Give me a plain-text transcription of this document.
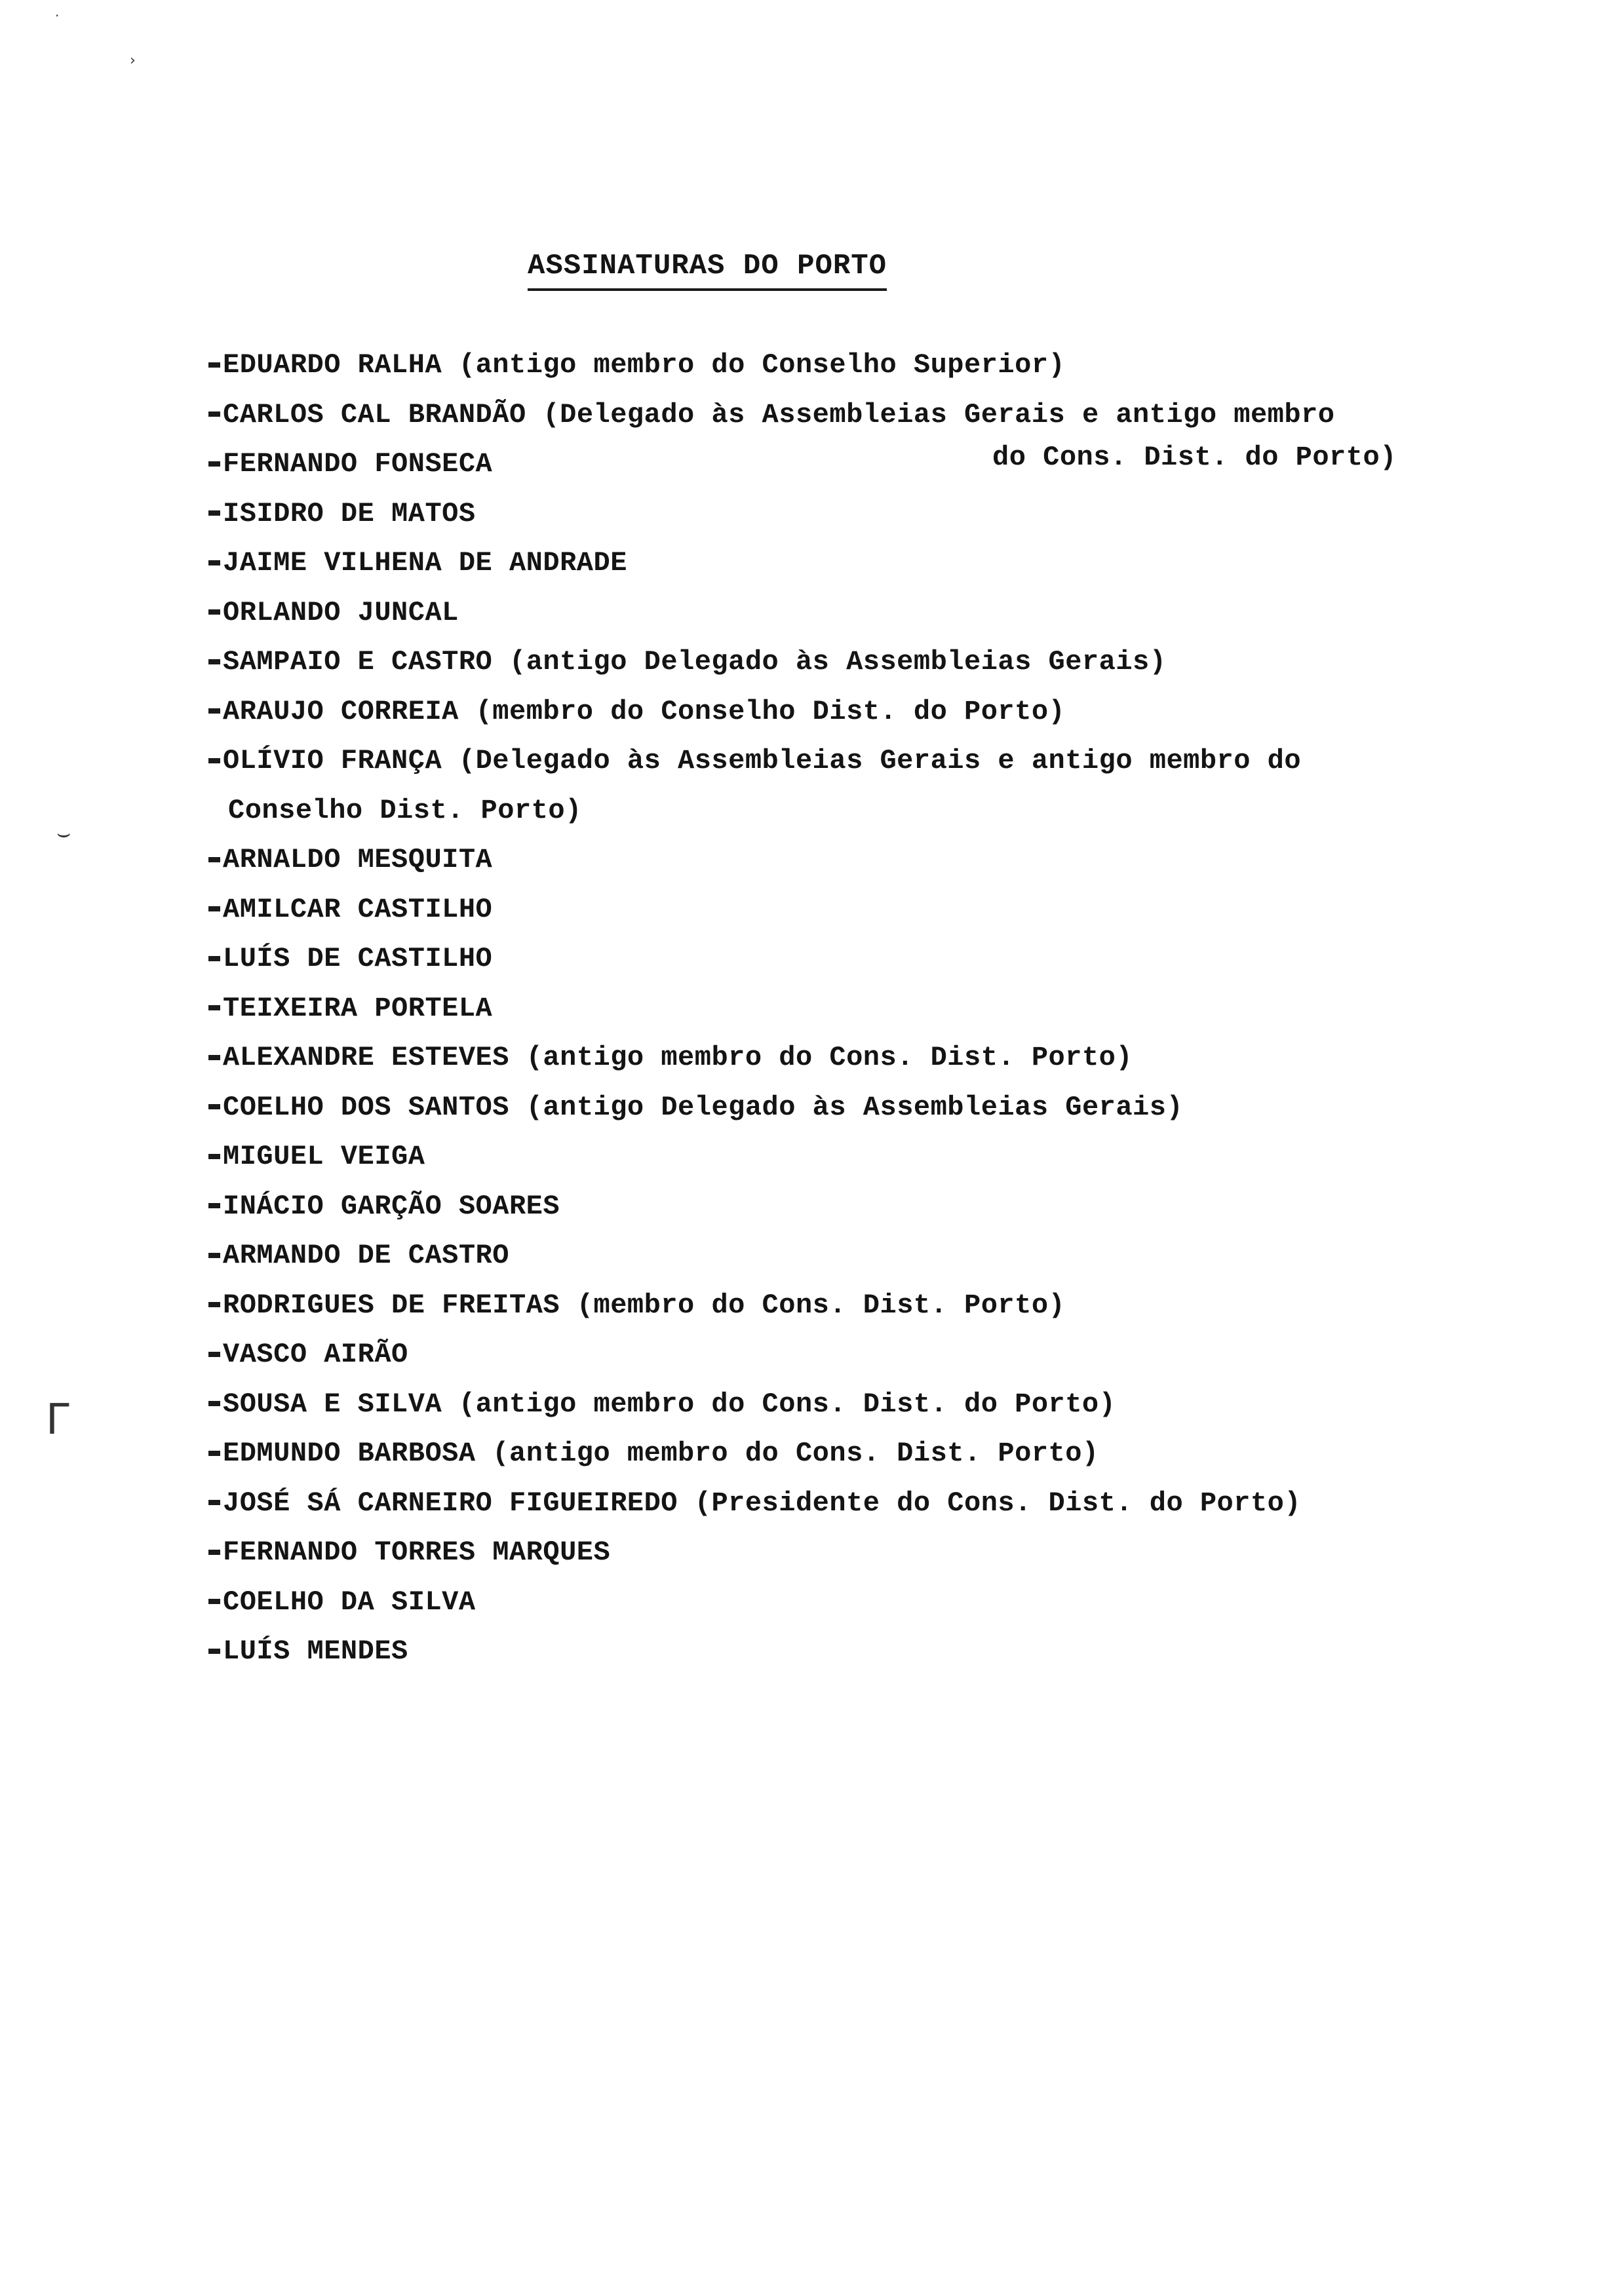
ASSINATURAS DO PORTO
·
›
⌣
ᒥ
EDUARDO RALHA (antigo membro do Conselho Superior)
CARLOS CAL BRANDÃO (Delegado às Assembleias Gerais e antigo membro
FERNANDO FONSECA	do Cons. Dist. do Porto)
ISIDRO DE MATOS
JAIME VILHENA DE ANDRADE
ORLANDO JUNCAL
SAMPAIO E CASTRO (antigo Delegado às Assembleias Gerais)
ARAUJO CORREIA (membro do Conselho Dist. do Porto)
OLÍVIO FRANÇA (Delegado às Assembleias Gerais e antigo membro do
Conselho Dist. Porto)
ARNALDO MESQUITA
AMILCAR CASTILHO
LUÍS DE CASTILHO
TEIXEIRA PORTELA
ALEXANDRE ESTEVES (antigo membro do Cons. Dist. Porto)
COELHO DOS SANTOS (antigo Delegado às Assembleias Gerais)
MIGUEL VEIGA
INÁCIO GARÇÃO SOARES
ARMANDO DE CASTRO
RODRIGUES DE FREITAS (membro do Cons. Dist. Porto)
VASCO AIRÃO
SOUSA E SILVA (antigo membro do Cons. Dist. do Porto)
EDMUNDO BARBOSA (antigo membro do Cons. Dist. Porto)
JOSÉ SÁ CARNEIRO FIGUEIREDO (Presidente do Cons. Dist. do Porto)
FERNANDO TORRES MARQUES
COELHO DA SILVA
LUÍS MENDES
